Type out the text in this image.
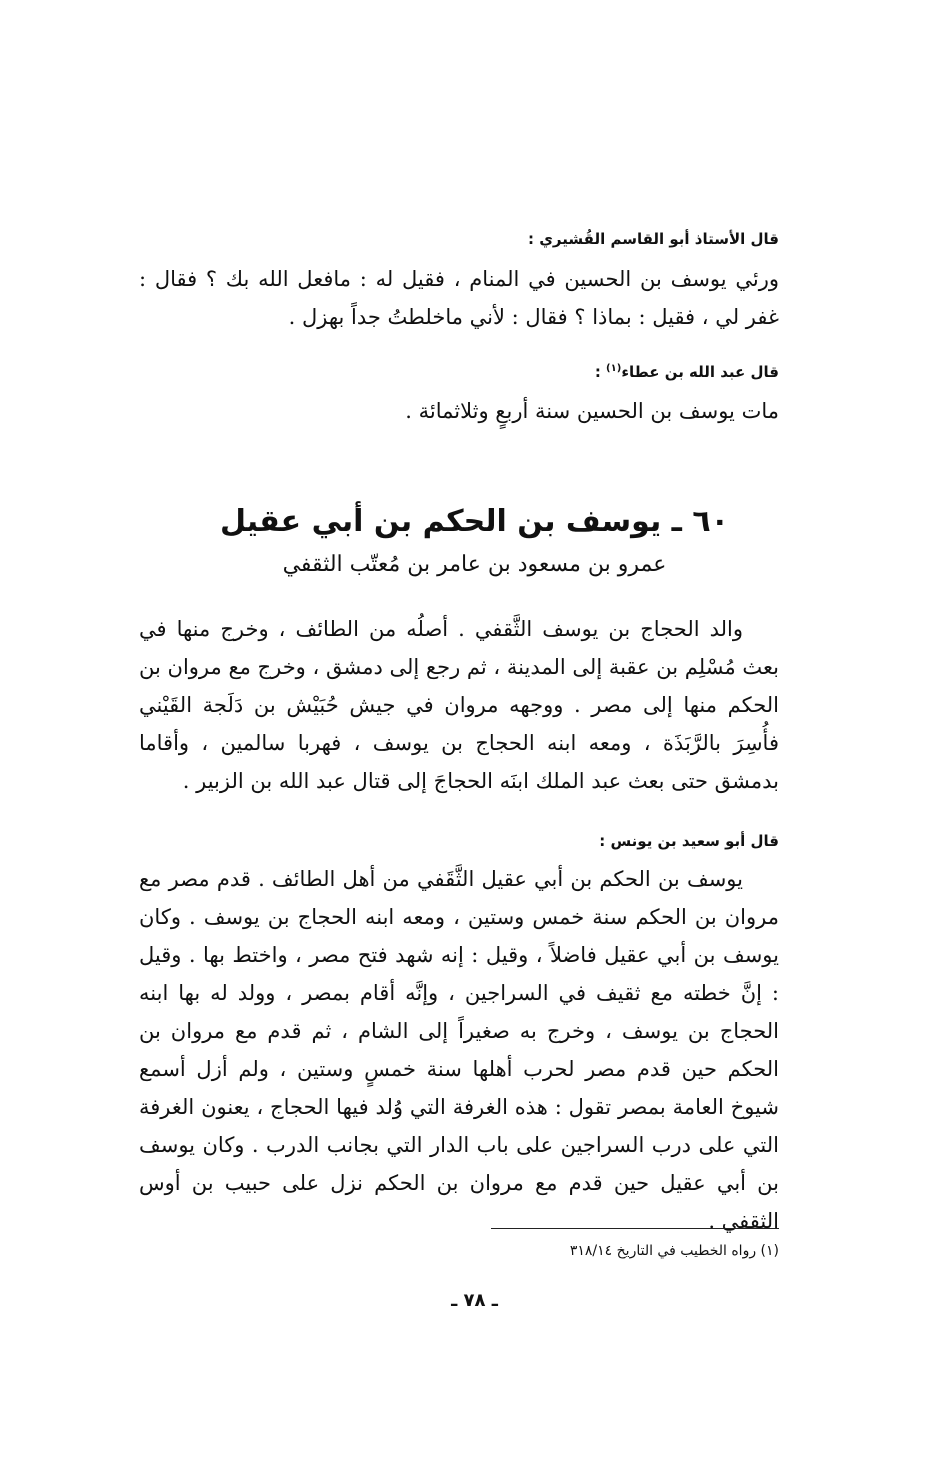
قال الأستاذ أبو القاسم القُشيري :

ورئي يوسف بن الحسين في المنام ، فقيل له : مافعل الله بك ؟ فقال : غفر لي ، فقيل : بماذا ؟ فقال : لأني ماخلطتُ جداً بهزل .

قال عبد الله بن عطاء$^{(١)}$ :

مات يوسف بن الحسين سنة أربعٍ وثلاثمائة .

٦٠ ـ يوسف بن الحكم بن أبي عقيل
عمرو بن مسعود بن عامر بن مُعتّب الثقفي

والد الحجاج بن يوسف الثَّقفي . أصلُه من الطائف ، وخرج منها في بعث مُسْلِم بن عقبة إلى المدينة ، ثم رجع إلى دمشق ، وخرج مع مروان بن الحكم منها إلى مصر . ووجهه مروان في جيش حُبَيْش بن دَلَجة القَيْني فأُسِرَ بالرَّبَذَة ، ومعه ابنه الحجاج بن يوسف ، فهربا سالمين ، وأقاما بدمشق حتى بعث عبد الملك ابنَه الحجاجَ إلى قتال عبد الله بن الزبير .

قال أبو سعيد بن يونس :

يوسف بن الحكم بن أبي عقيل الثَّقَفي من أهل الطائف . قدم مصر مع مروان بن الحكم سنة خمس وستين ، ومعه ابنه الحجاج بن يوسف . وكان يوسف بن أبي عقيل فاضلاً ، وقيل : إنه شهد فتح مصر ، واختط بها . وقيل : إنَّ خطته مع ثقيف في السراجين ، وإنَّه أقام بمصر ، وولد له بها ابنه الحجاج بن يوسف ، وخرج به صغيراً إلى الشام ، ثم قدم مع مروان بن الحكم حين قدم مصر لحرب أهلها سنة خمسٍ وستين ، ولم أزل أسمع شيوخ العامة بمصر تقول : هذه الغرفة التي وُلد فيها الحجاج ، يعنون الغرفة التي على درب السراجين على باب الدار التي بجانب الدرب . وكان يوسف بن أبي عقيل حين قدم مع مروان بن الحكم نزل على حبيب بن أوس الثقفي .

(١) رواه الخطيب في التاريخ ٣١٨/١٤
ـ ٧٨ ـ
